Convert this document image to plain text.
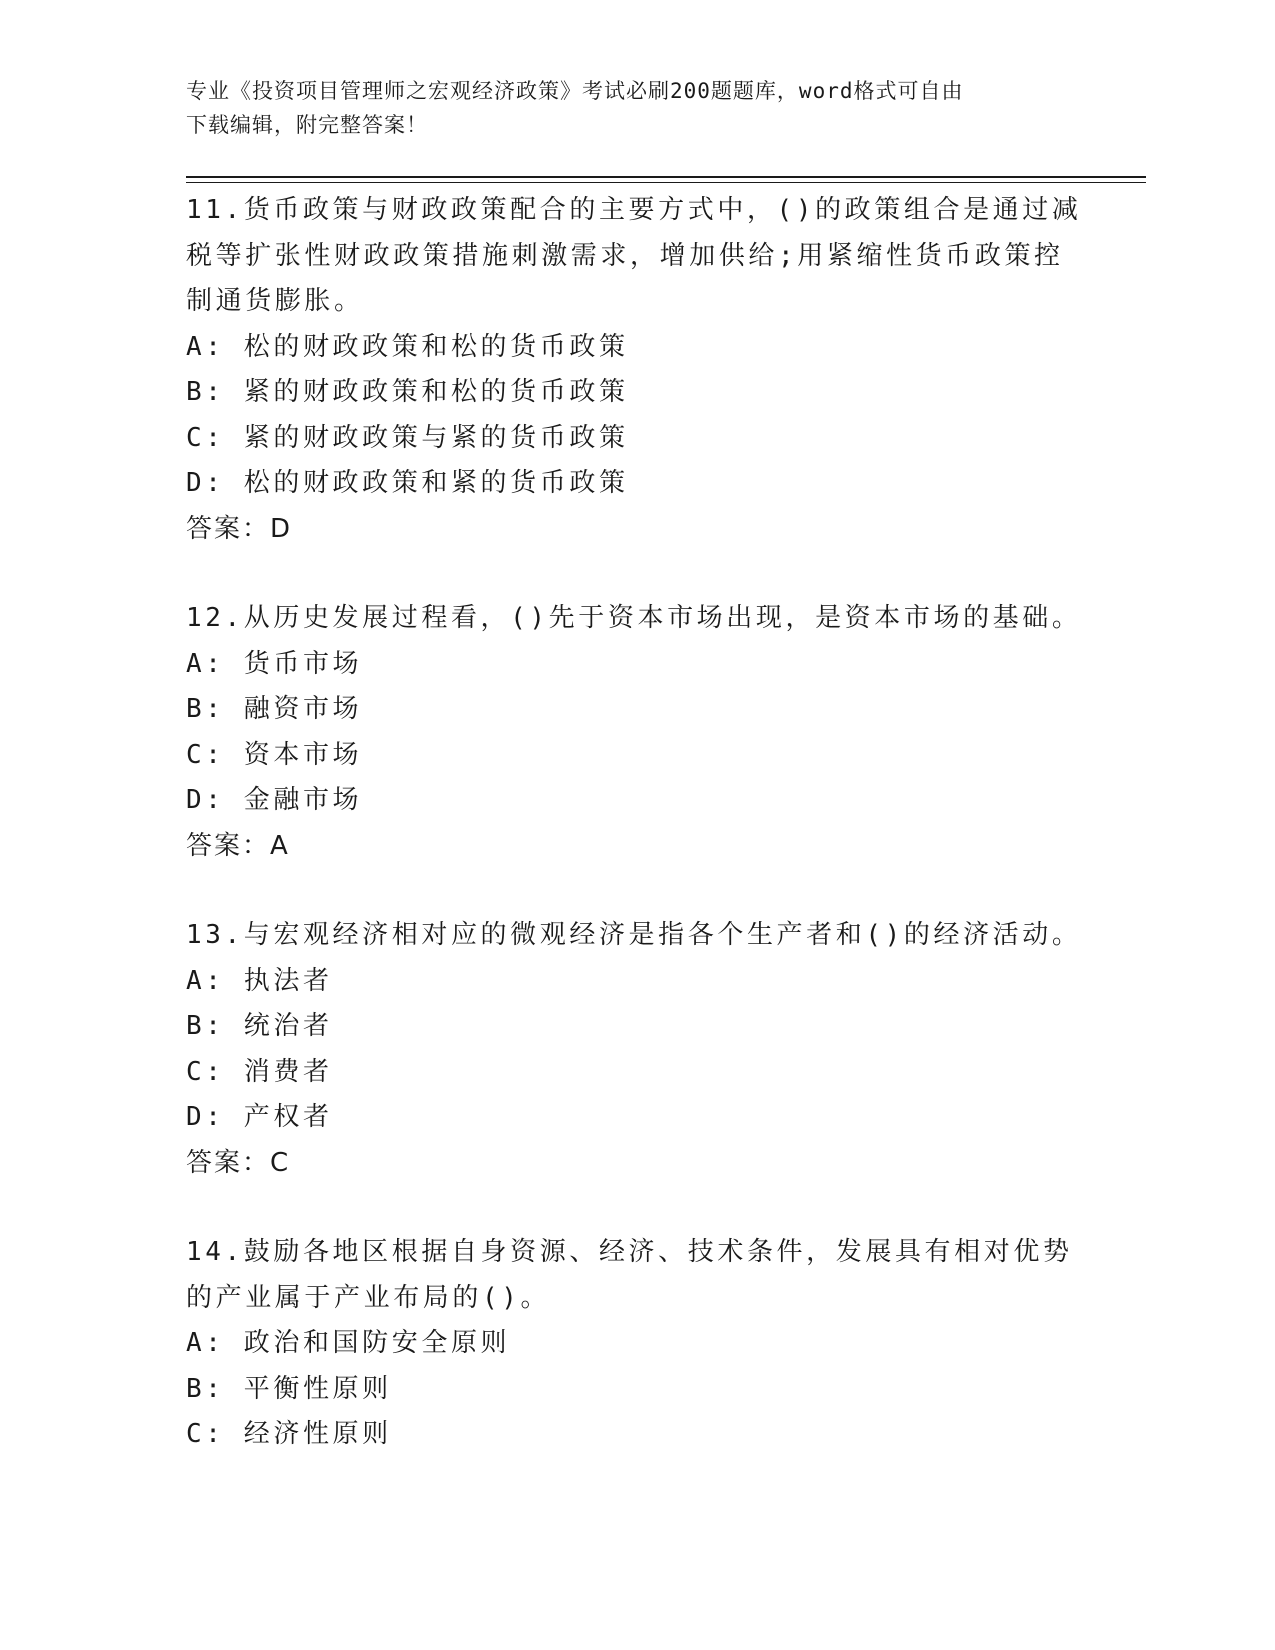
专业《投资项目管理师之宏观经济政策》考试必刷200题题库，word格式可自由
下载编辑，附完整答案！

11.货币政策与财政政策配合的主要方式中，()的政策组合是通过减税等扩张性财政政策措施刺激需求，增加供给;用紧缩性货币政策控制通货膨胀。

A: 松的财政政策和松的货币政策

B: 紧的财政政策和松的货币政策

C: 紧的财政政策与紧的货币政策

D: 松的财政政策和紧的货币政策

答案：D

12.从历史发展过程看，()先于资本市场出现，是资本市场的基础。

A: 货币市场

B: 融资市场

C: 资本市场

D: 金融市场

答案：A

13.与宏观经济相对应的微观经济是指各个生产者和()的经济活动。

A: 执法者

B: 统治者

C: 消费者

D: 产权者

答案：C

14.鼓励各地区根据自身资源、经济、技术条件，发展具有相对优势的产业属于产业布局的()。

A: 政治和国防安全原则

B: 平衡性原则

C: 经济性原则
